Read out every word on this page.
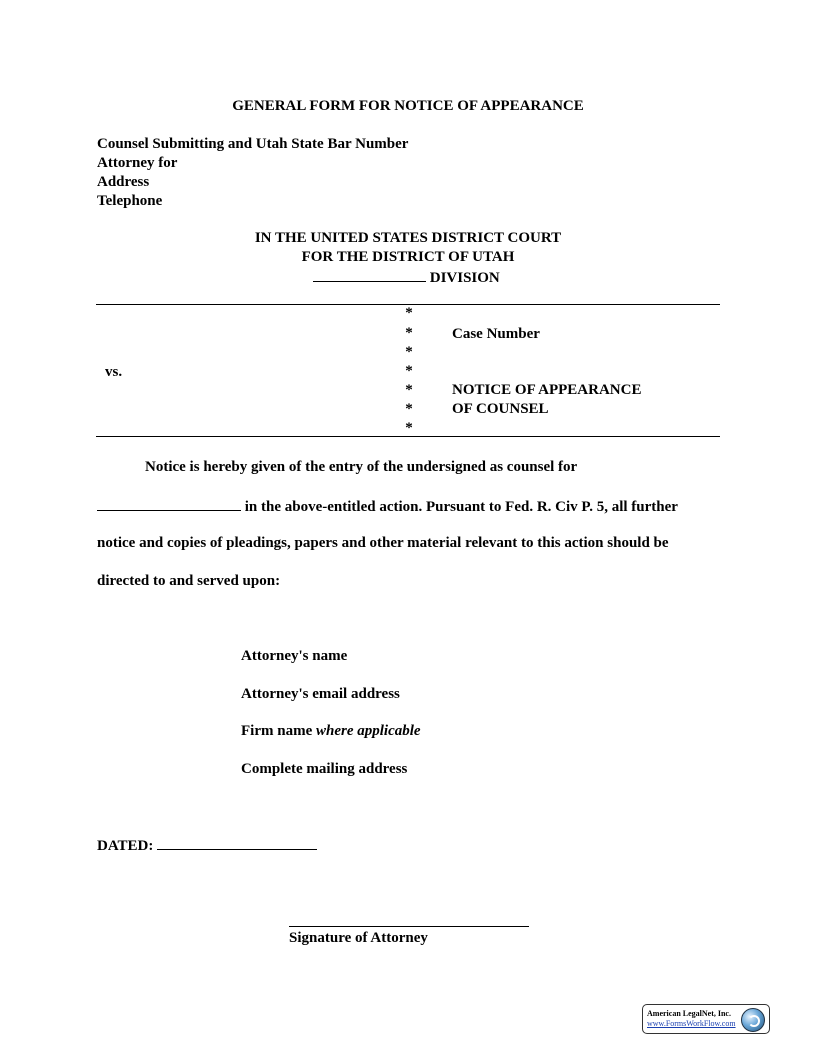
GENERAL FORM FOR NOTICE OF APPEARANCE
Counsel Submitting and Utah State Bar Number
Attorney for
Address
Telephone
IN THE UNITED STATES DISTRICT COURT
FOR THE DISTRICT OF UTAH
DIVISION
*
*
*
*
*
*
*
vs.
Case Number
NOTICE OF APPEARANCE
OF COUNSEL
Notice is hereby given of the entry of the undersigned as counsel for
in the above-entitled action. Pursuant to Fed. R. Civ P. 5, all further
notice and copies of pleadings, papers and other material relevant to this action should be
directed to and served upon:
Attorney's name
Attorney's email address
Firm name where applicable
Complete mailing address
DATED:
Signature of Attorney
American LegalNet, Inc.
www.FormsWorkFlow.com
